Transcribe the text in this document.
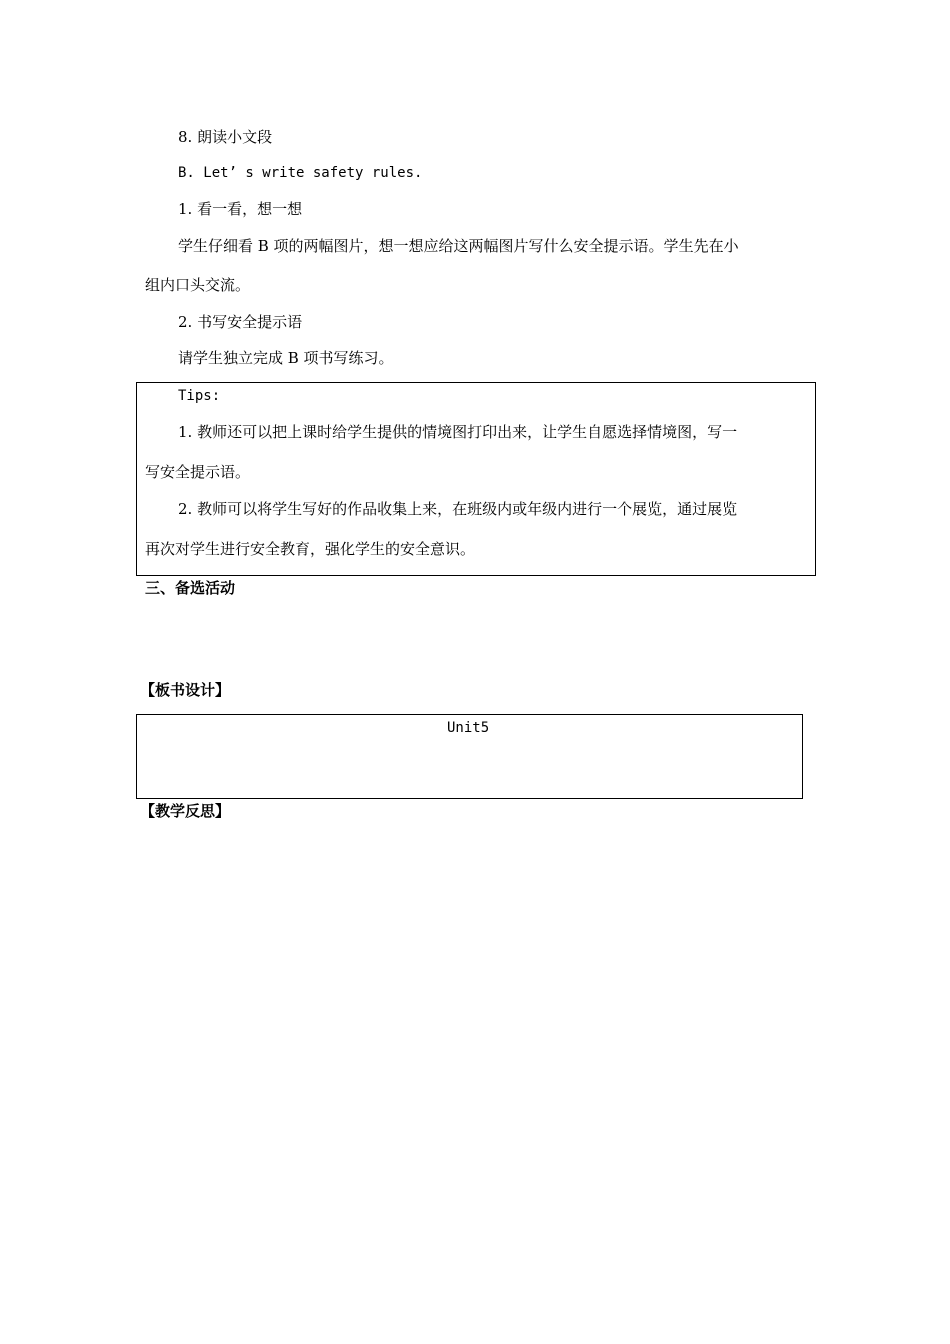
8. 朗读小文段
B. Let’ s write safety rules.
1. 看一看，想一想
学生仔细看 B 项的两幅图片，想一想应给这两幅图片写什么安全提示语。学生先在小
组内口头交流。
2. 书写安全提示语
请学生独立完成 B 项书写练习。
Tips:
1. 教师还可以把上课时给学生提供的情境图打印出来，让学生自愿选择情境图，写一
写安全提示语。
2. 教师可以将学生写好的作品收集上来，在班级内或年级内进行一个展览，通过展览
再次对学生进行安全教育，强化学生的安全意识。
三、备选活动
【板书设计】
Unit5
【教学反思】
